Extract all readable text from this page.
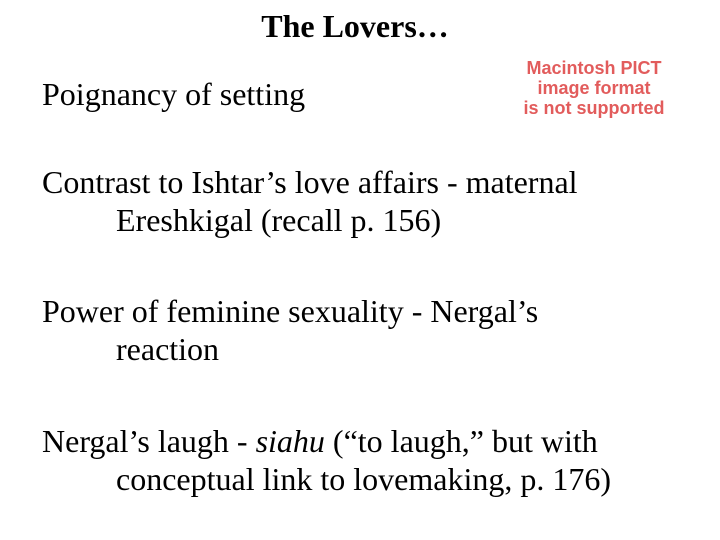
The Lovers…
Macintosh PICT
image format
is not supported
Poignancy of setting
Contrast to Ishtar’s love affairs - maternal
Ereshkigal (recall p. 156)
Power of feminine sexuality - Nergal’s
reaction
Nergal’s laugh - siahu (“to laugh,” but with
conceptual link to lovemaking, p. 176)
